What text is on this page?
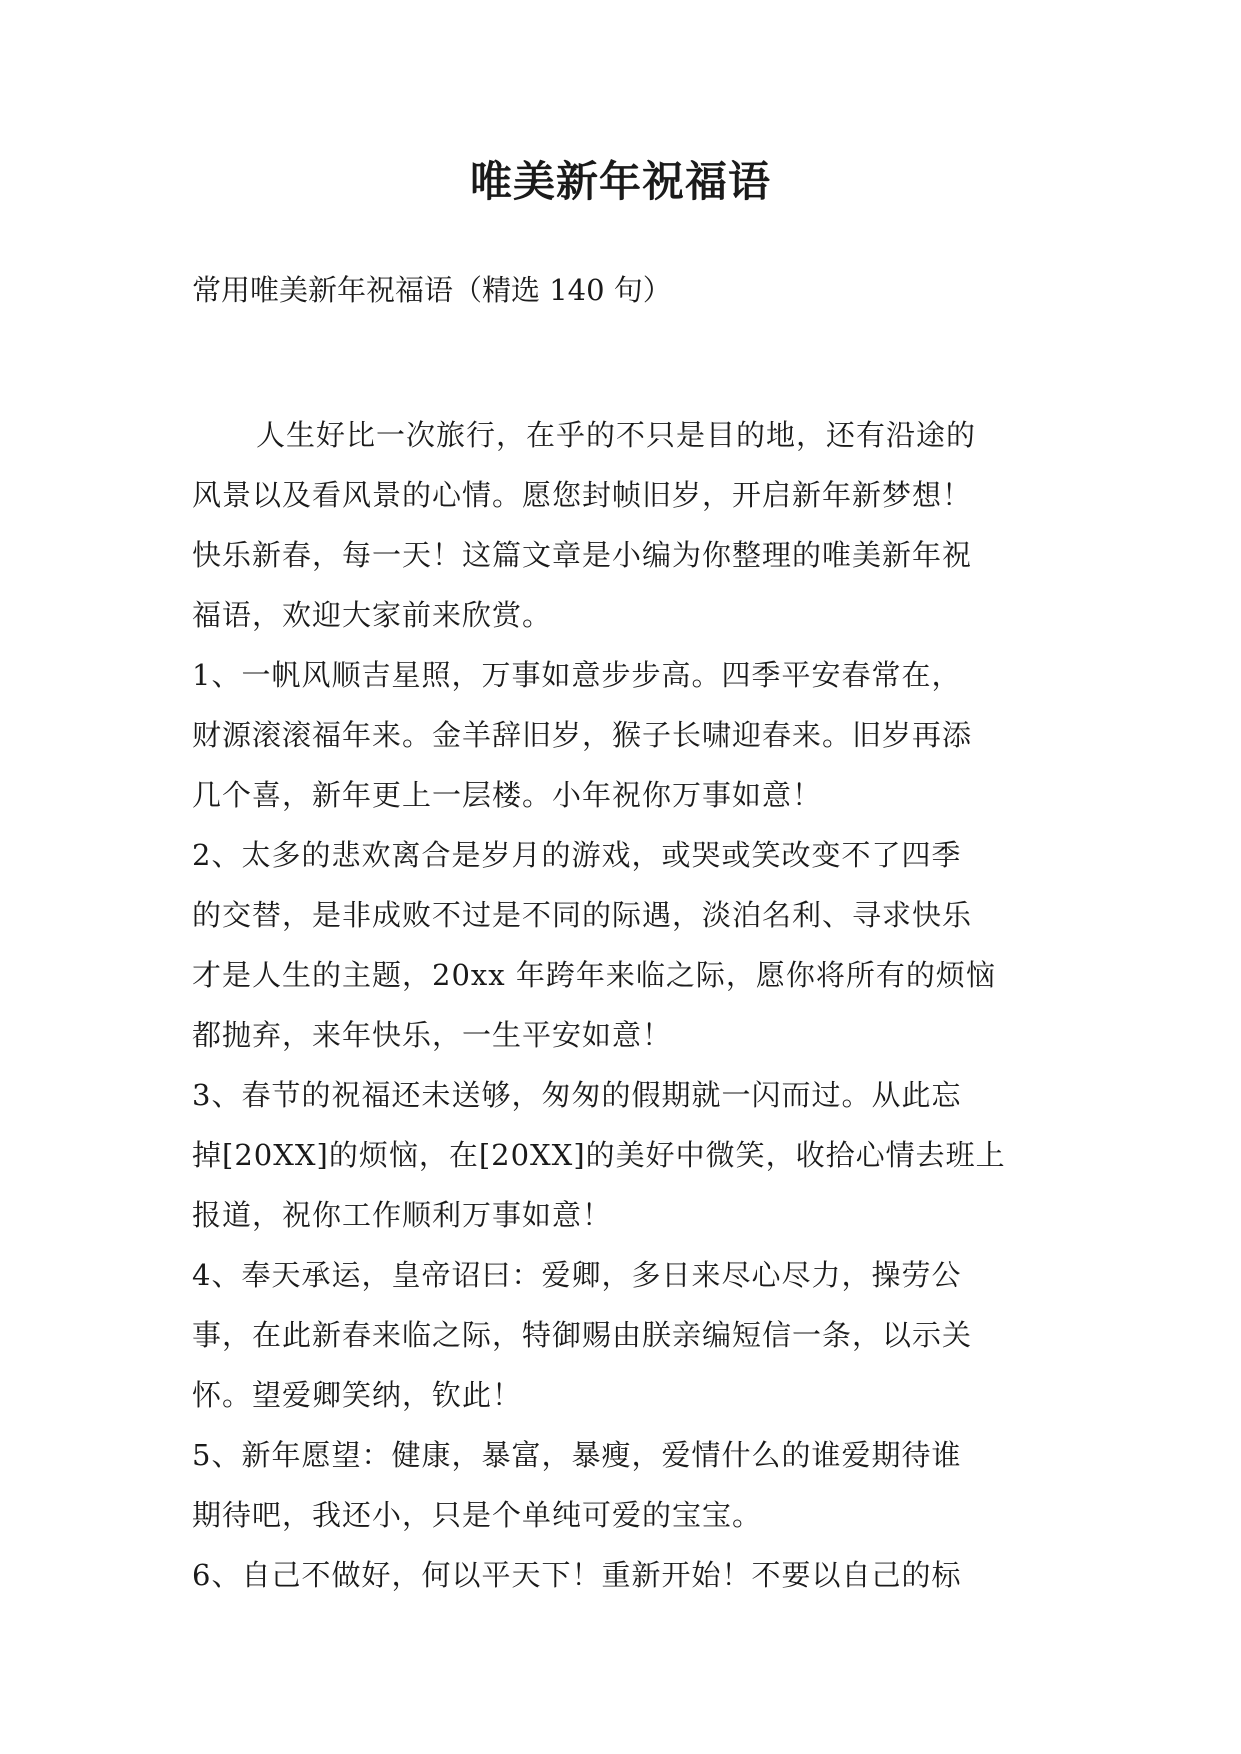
唯美新年祝福语
常用唯美新年祝福语（精选 140 句）
人生好比一次旅行，在乎的不只是目的地，还有沿途的
风景以及看风景的心情。愿您封帧旧岁，开启新年新梦想！
快乐新春，每一天！这篇文章是小编为你整理的唯美新年祝
福语，欢迎大家前来欣赏。
1、一帆风顺吉星照，万事如意步步高。四季平安春常在，
财源滚滚福年来。金羊辞旧岁，猴子长啸迎春来。旧岁再添
几个喜，新年更上一层楼。小年祝你万事如意！
2、太多的悲欢离合是岁月的游戏，或哭或笑改变不了四季
的交替，是非成败不过是不同的际遇，淡泊名利、寻求快乐
才是人生的主题，20xx 年跨年来临之际，愿你将所有的烦恼
都抛弃，来年快乐，一生平安如意！
3、春节的祝福还未送够，匆匆的假期就一闪而过。从此忘
掉[20XX]的烦恼，在[20XX]的美好中微笑，收拾心情去班上
报道，祝你工作顺利万事如意！
4、奉天承运，皇帝诏曰：爱卿，多日来尽心尽力，操劳公
事，在此新春来临之际，特御赐由朕亲编短信一条，以示关
怀。望爱卿笑纳，钦此！
5、新年愿望：健康，暴富，暴瘦，爱情什么的谁爱期待谁
期待吧，我还小，只是个单纯可爱的宝宝。
6、自己不做好，何以平天下！重新开始！不要以自己的标
